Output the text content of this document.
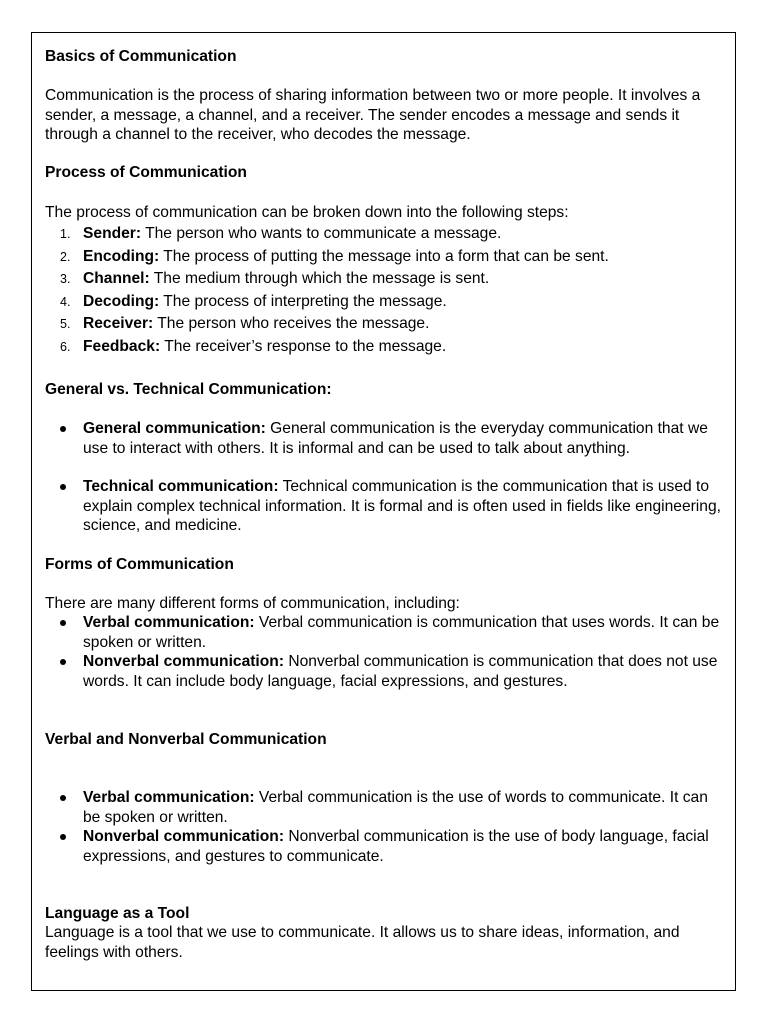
Basics of Communication

Communication is the process of sharing information between two or more people. It involves a sender, a message, a channel, and a receiver. The sender encodes a message and sends it through a channel to the receiver, who decodes the message.

Process of Communication

The process of communication can be broken down into the following steps:

1. Sender: The person who wants to communicate a message.
2. Encoding: The process of putting the message into a form that can be sent.
3. Channel: The medium through which the message is sent.
4. Decoding: The process of interpreting the message.
5. Receiver: The person who receives the message.
6. Feedback: The receiver’s response to the message.
General vs. Technical Communication:
General communication: General communication is the everyday communication that we use to interact with others. It is informal and can be used to talk about anything.
Technical communication: Technical communication is the communication that is used to explain complex technical information. It is formal and is often used in fields like engineering, science, and medicine.
Forms of Communication

There are many different forms of communication, including:

Verbal communication: Verbal communication is communication that uses words. It can be spoken or written.
Nonverbal communication: Nonverbal communication is communication that does not use words. It can include body language, facial expressions, and gestures.
Verbal and Nonverbal Communication
Verbal communication: Verbal communication is the use of words to communicate. It can be spoken or written.
Nonverbal communication: Nonverbal communication is the use of body language, facial expressions, and gestures to communicate.
Language as a Tool

Language is a tool that we use to communicate. It allows us to share ideas, information, and feelings with others.
